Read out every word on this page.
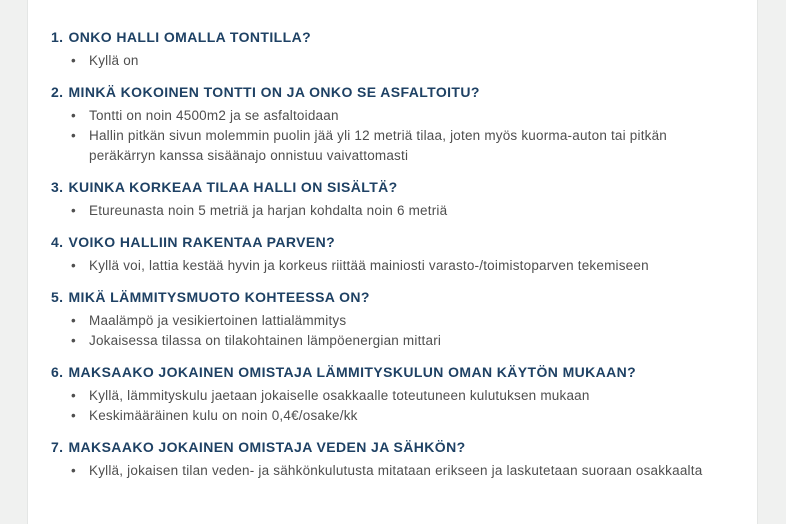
1. ONKO HALLI OMALLA TONTILLA?
• Kyllä on
2. MINKÄ KOKOINEN TONTTI ON JA ONKO SE ASFALTOITU?
• Tontti on noin 4500m2 ja se asfaltoidaan
• Hallin pitkän sivun molemmin puolin jää yli 12 metriä tilaa, joten myös kuorma-auton tai pitkän peräkärryn kanssa sisäänajo onnistuu vaivattomasti
3. KUINKA KORKEAA TILAA HALLI ON SISÄLTÄ?
• Etureunasta noin 5 metriä ja harjan kohdalta noin 6 metriä
4. VOIKO HALLIIN RAKENTAA PARVEN?
• Kyllä voi, lattia kestää hyvin ja korkeus riittää mainiosti varasto-/toimistoparven tekemiseen
5. MIKÄ LÄMMITYSMUOTO KOHTEESSA ON?
• Maalämpö ja vesikiertoinen lattialämmitys
• Jokaisessa tilassa on tilakohtainen lämpöenergian mittari
6. MAKSAAKO JOKAINEN OMISTAJA LÄMMITYSKULUN OMAN KÄYTÖN MUKAAN?
• Kyllä, lämmityskulu jaetaan jokaiselle osakkaalle toteutuneen kulutuksen mukaan
• Keskimääräinen kulu on noin 0,4€/osake/kk
7. MAKSAAKO JOKAINEN OMISTAJA VEDEN JA SÄHKÖN?
• Kyllä, jokaisen tilan veden- ja sähkönkulutusta mitataan erikseen ja laskutetaan suoraan osakkaalta
